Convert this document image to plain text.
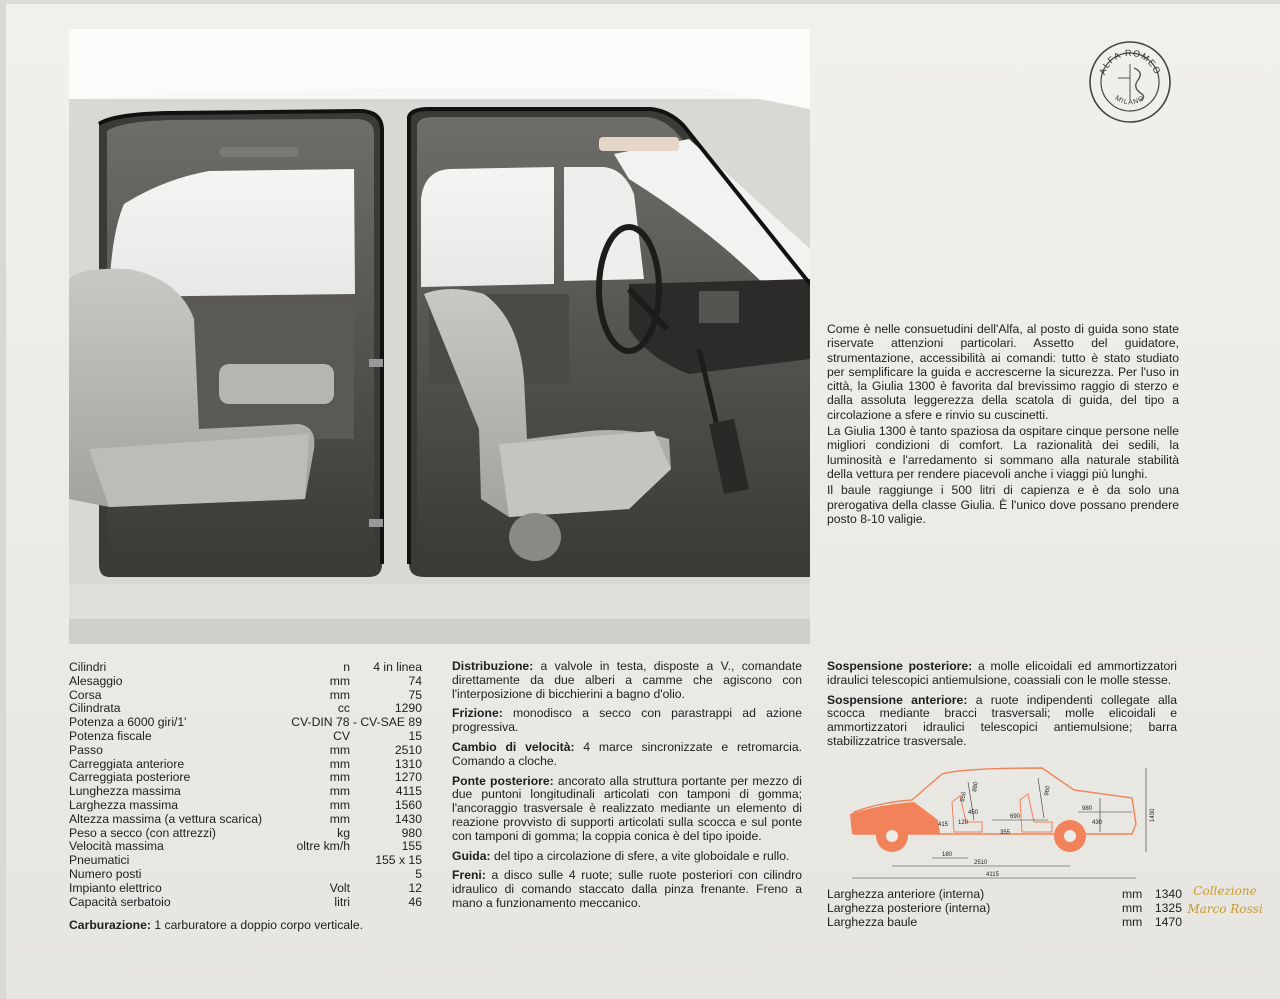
ALFA ROMEO
MILANO

Come è nelle consuetudini dell'Alfa, al posto di guida sono state riservate attenzioni particolari. Assetto del guidatore, strumentazione, accessibilità ai comandi: tutto è stato studiato per semplificare la guida e accrescerne la sicurezza. Per l'uso in città, la Giulia 1300 è favorita dal brevissimo raggio di sterzo e dalla assoluta leggerezza della scatola di guida, del tipo a circolazione a sfere e rinvio su cuscinetti.

La Giulia 1300 è tanto spaziosa da ospitare cinque persone nelle migliori condizioni di comfort. La razionalità dei sedili, la luminosità e l'arredamento si sommano alla naturale stabilità della vettura per rendere piacevoli anche i viaggi più lunghi.

Il baule raggiunge i 500 litri di capienza e è da solo una prerogativa della classe Giulia. È l'unico dove possano prendere posto 8-10 valigie.

Cilindri	n	4 in linea
Alesaggio	mm	74
Corsa	mm	75
Cilindrata	cc	1290
Potenza a 6000 giri/1'	CV-DIN 78 - CV-SAE 89
Potenza fiscale	CV	15
Passo	mm	2510
Carreggiata anteriore	mm	1310
Carreggiata posteriore	mm	1270
Lunghezza massima	mm	4115
Larghezza massima	mm	1560
Altezza massima (a vettura scarica)	mm	1430
Peso a secco (con attrezzi)	kg	980
Velocità massima	oltre km/h	155
Pneumatici	155 x 15
Numero posti	5
Impianto elettrico	Volt	12
Capacità serbatoio	litri	46
Carburazione: 1 carburatore a doppio corpo verticale.

Distribuzione: a valvole in testa, disposte a V., comandate direttamente da due alberi a camme che agiscono con l'interposizione di bicchierini a bagno d'olio.

Frizione: monodisco a secco con parastrappi ad azione progressiva.

Cambio di velocità: 4 marce sincronizzate e retromarcia. Comando a cloche.

Ponte posteriore: ancorato alla struttura portante per mezzo di due puntoni longitudinali articolati con tamponi di gomma; l'ancoraggio trasversale è realizzato mediante un elemento di reazione provvisto di supporti articolati sulla scocca e sul ponte con tamponi di gomma; la coppia conica è del tipo ipoide.

Guida: del tipo a circolazione di sfere, a vite globoidale e rullo.

Freni: a disco sulle 4 ruote; sulle ruote posteriori con cilindro idraulico di comando staccato dalla pinza frenante. Freno a mano a funzionamento meccanico.

Sospensione posteriore: a molle elicoidali ed ammortizzatori idraulici telescopici antiemulsione, coassiali con le molle stesse.

Sospensione anteriore: a ruote indipendenti collegate alla scocca mediante bracci trasversali; molle elicoidali e ammortizzatori idraulici telescopici antiemulsione; barra stabilizzatrice trasversale.

880
850
960
450
980
415
690
430
120
355
180
1430
2510
4115
Larghezza anteriore (interna)	mm	1340
Larghezza posteriore (interna)	mm	1325
Larghezza baule	mm	1470
Collezione
Marco Rossi
